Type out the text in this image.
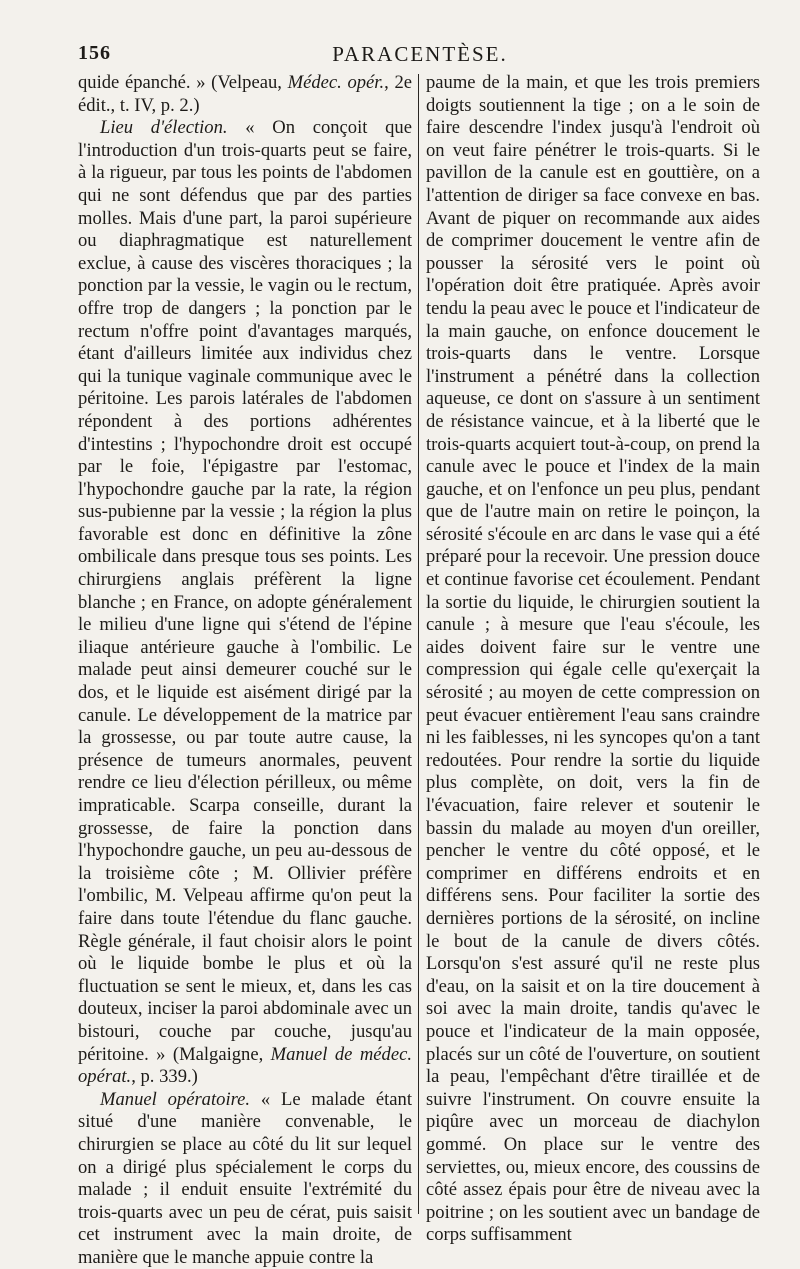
156	PARACENTÈSE.

quide épanché. » (Velpeau, Médec. opér., 2e édit., t. IV, p. 2.)

Lieu d'élection. « On conçoit que l'introduction d'un trois-quarts peut se faire, à la rigueur, par tous les points de l'abdomen qui ne sont défendus que par des parties molles. Mais d'une part, la paroi supérieure ou diaphragmatique est naturellement exclue, à cause des viscères thoraciques ; la ponction par la vessie, le vagin ou le rectum, offre trop de dangers ; la ponction par le rectum n'offre point d'avantages marqués, étant d'ailleurs limitée aux individus chez qui la tunique vaginale communique avec le péritoine. Les parois latérales de l'abdomen répondent à des portions adhérentes d'intestins ; l'hypochondre droit est occupé par le foie, l'épigastre par l'estomac, l'hypochondre gauche par la rate, la région sus-pubienne par la vessie ; la région la plus favorable est donc en définitive la zône ombilicale dans presque tous ses points. Les chirurgiens anglais préfèrent la ligne blanche ; en France, on adopte généralement le milieu d'une ligne qui s'étend de l'épine iliaque antérieure gauche à l'ombilic. Le malade peut ainsi demeurer couché sur le dos, et le liquide est aisément dirigé par la canule. Le développement de la matrice par la grossesse, ou par toute autre cause, la présence de tumeurs anormales, peuvent rendre ce lieu d'élection périlleux, ou même impraticable. Scarpa conseille, durant la grossesse, de faire la ponction dans l'hypochondre gauche, un peu au-dessous de la troisième côte ; M. Ollivier préfère l'ombilic, M. Velpeau affirme qu'on peut la faire dans toute l'étendue du flanc gauche. Règle générale, il faut choisir alors le point où le liquide bombe le plus et où la fluctuation se sent le mieux, et, dans les cas douteux, inciser la paroi abdominale avec un bistouri, couche par couche, jusqu'au péritoine. » (Malgaigne, Manuel de médec. opérat., p. 339.)

Manuel opératoire. « Le malade étant situé d'une manière convenable, le chirurgien se place au côté du lit sur lequel on a dirigé plus spécialement le corps du malade ; il enduit ensuite l'extrémité du trois-quarts avec un peu de cérat, puis saisit cet instrument avec la main droite, de manière que le manche appuie contre la

paume de la main, et que les trois premiers doigts soutiennent la tige ; on a le soin de faire descendre l'index jusqu'à l'endroit où on veut faire pénétrer le trois-quarts. Si le pavillon de la canule est en gouttière, on a l'attention de diriger sa face convexe en bas. Avant de piquer on recommande aux aides de comprimer doucement le ventre afin de pousser la sérosité vers le point où l'opération doit être pratiquée. Après avoir tendu la peau avec le pouce et l'indicateur de la main gauche, on enfonce doucement le trois-quarts dans le ventre. Lorsque l'instrument a pénétré dans la collection aqueuse, ce dont on s'assure à un sentiment de résistance vaincue, et à la liberté que le trois-quarts acquiert tout-à-coup, on prend la canule avec le pouce et l'index de la main gauche, et on l'enfonce un peu plus, pendant que de l'autre main on retire le poinçon, la sérosité s'écoule en arc dans le vase qui a été préparé pour la recevoir. Une pression douce et continue favorise cet écoulement. Pendant la sortie du liquide, le chirurgien soutient la canule ; à mesure que l'eau s'écoule, les aides doivent faire sur le ventre une compression qui égale celle qu'exerçait la sérosité ; au moyen de cette compression on peut évacuer entièrement l'eau sans craindre ni les faiblesses, ni les syncopes qu'on a tant redoutées. Pour rendre la sortie du liquide plus complète, on doit, vers la fin de l'évacuation, faire relever et soutenir le bassin du malade au moyen d'un oreiller, pencher le ventre du côté opposé, et le comprimer en différens endroits et en différens sens. Pour faciliter la sortie des dernières portions de la sérosité, on incline le bout de la canule de divers côtés. Lorsqu'on s'est assuré qu'il ne reste plus d'eau, on la saisit et on la tire doucement à soi avec la main droite, tandis qu'avec le pouce et l'indicateur de la main opposée, placés sur un côté de l'ouverture, on soutient la peau, l'empêchant d'être tiraillée et de suivre l'instrument. On couvre ensuite la piqûre avec un morceau de diachylon gommé. On place sur le ventre des serviettes, ou, mieux encore, des coussins de côté assez épais pour être de niveau avec la poitrine ; on les soutient avec un bandage de corps suffisamment
